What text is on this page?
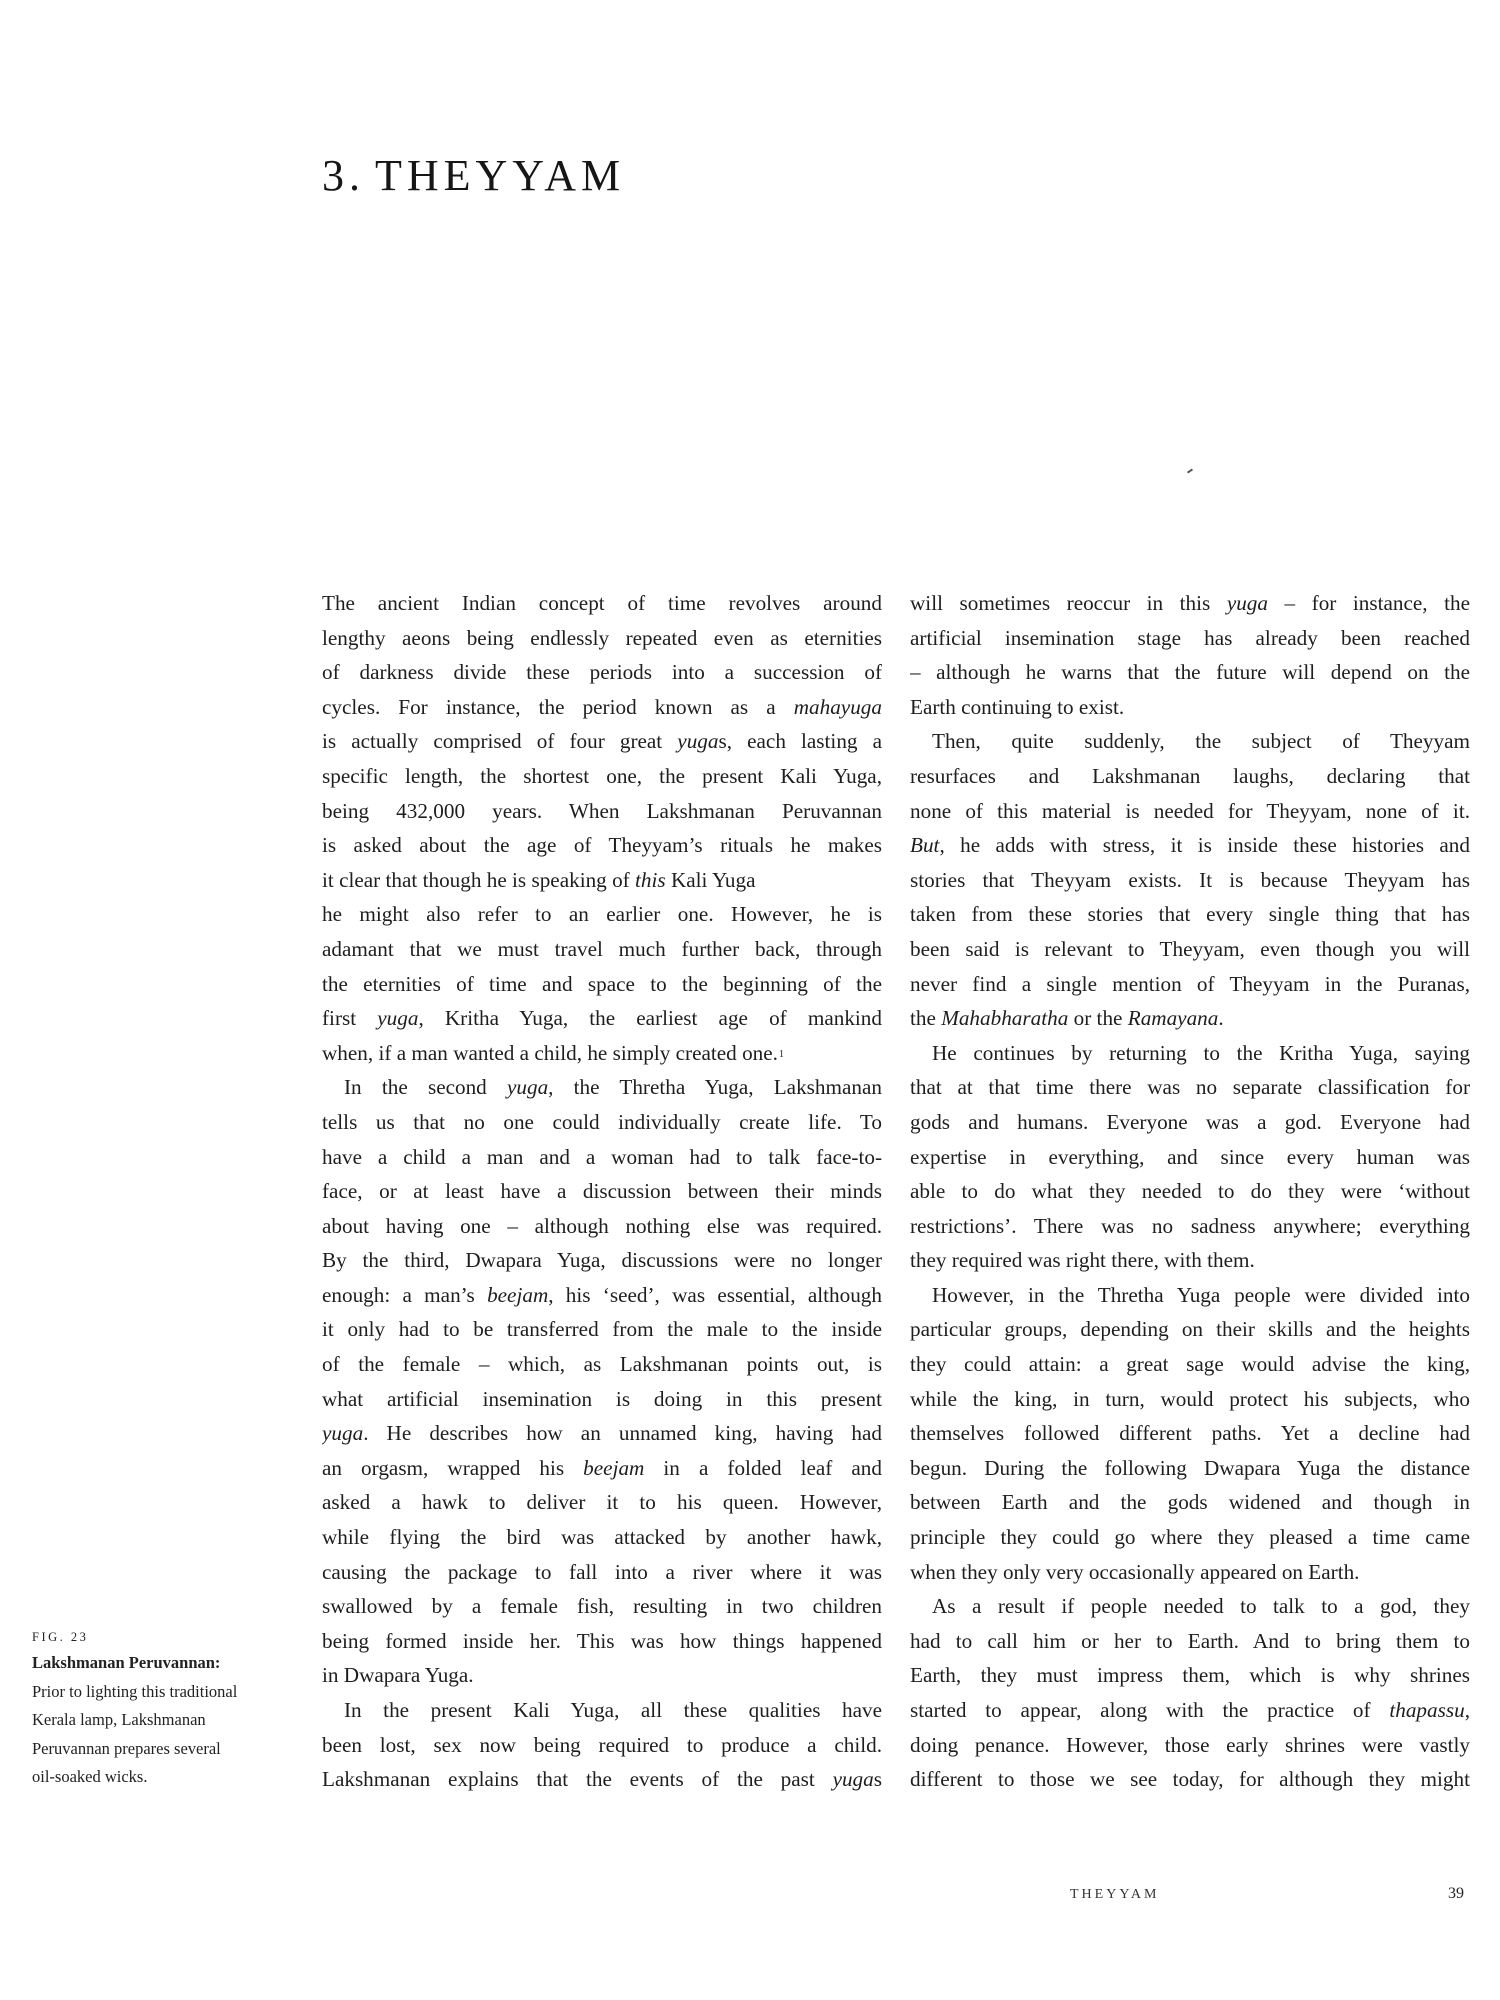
3. THEYYAM
The ancient Indian concept of time revolves around
lengthy aeons being endlessly repeated even as eternities
of darkness divide these periods into a succession of
cycles. For instance, the period known as a mahayuga
is actually comprised of four great yugas, each lasting a
specific length, the shortest one, the present Kali Yuga,
being 432,000 years. When Lakshmanan Peruvannan
is asked about the age of Theyyam’s rituals he makes
it clear that though he is speaking of this Kali Yuga
he might also refer to an earlier one. However, he is
adamant that we must travel much further back, through
the eternities of time and space to the beginning of the
first yuga, Kritha Yuga, the earliest age of mankind
when, if a man wanted a child, he simply created one.$^1$
In the second yuga, the Thretha Yuga, Lakshmanan
tells us that no one could individually create life. To
have a child a man and a woman had to talk face-to-
face, or at least have a discussion between their minds
about having one – although nothing else was required.
By the third, Dwapara Yuga, discussions were no longer
enough: a man’s beejam, his ‘seed’, was essential, although
it only had to be transferred from the male to the inside
of the female – which, as Lakshmanan points out, is
what artificial insemination is doing in this present
yuga. He describes how an unnamed king, having had
an orgasm, wrapped his beejam in a folded leaf and
asked a hawk to deliver it to his queen. However,
while flying the bird was attacked by another hawk,
causing the package to fall into a river where it was
swallowed by a female fish, resulting in two children
being formed inside her. This was how things happened
in Dwapara Yuga.
In the present Kali Yuga, all these qualities have
been lost, sex now being required to produce a child.
Lakshmanan explains that the events of the past yugas
will sometimes reoccur in this yuga – for instance, the
artificial insemination stage has already been reached
– although he warns that the future will depend on the
Earth continuing to exist.
Then, quite suddenly, the subject of Theyyam
resurfaces and Lakshmanan laughs, declaring that
none of this material is needed for Theyyam, none of it.
But, he adds with stress, it is inside these histories and
stories that Theyyam exists. It is because Theyyam has
taken from these stories that every single thing that has
been said is relevant to Theyyam, even though you will
never find a single mention of Theyyam in the Puranas,
the Mahabharatha or the Ramayana.
He continues by returning to the Kritha Yuga, saying
that at that time there was no separate classification for
gods and humans. Everyone was a god. Everyone had
expertise in everything, and since every human was
able to do what they needed to do they were ‘without
restrictions’. There was no sadness anywhere; everything
they required was right there, with them.
However, in the Thretha Yuga people were divided into
particular groups, depending on their skills and the heights
they could attain: a great sage would advise the king,
while the king, in turn, would protect his subjects, who
themselves followed different paths. Yet a decline had
begun. During the following Dwapara Yuga the distance
between Earth and the gods widened and though in
principle they could go where they pleased a time came
when they only very occasionally appeared on Earth.
As a result if people needed to talk to a god, they
had to call him or her to Earth. And to bring them to
Earth, they must impress them, which is why shrines
started to appear, along with the practice of thapassu,
doing penance. However, those early shrines were vastly
different to those we see today, for although they might
FIG. 23
Lakshmanan Peruvannan:
Prior to lighting this traditional
Kerala lamp, Lakshmanan
Peruvannan prepares several
oil-soaked wicks.
THEYYAM	39
